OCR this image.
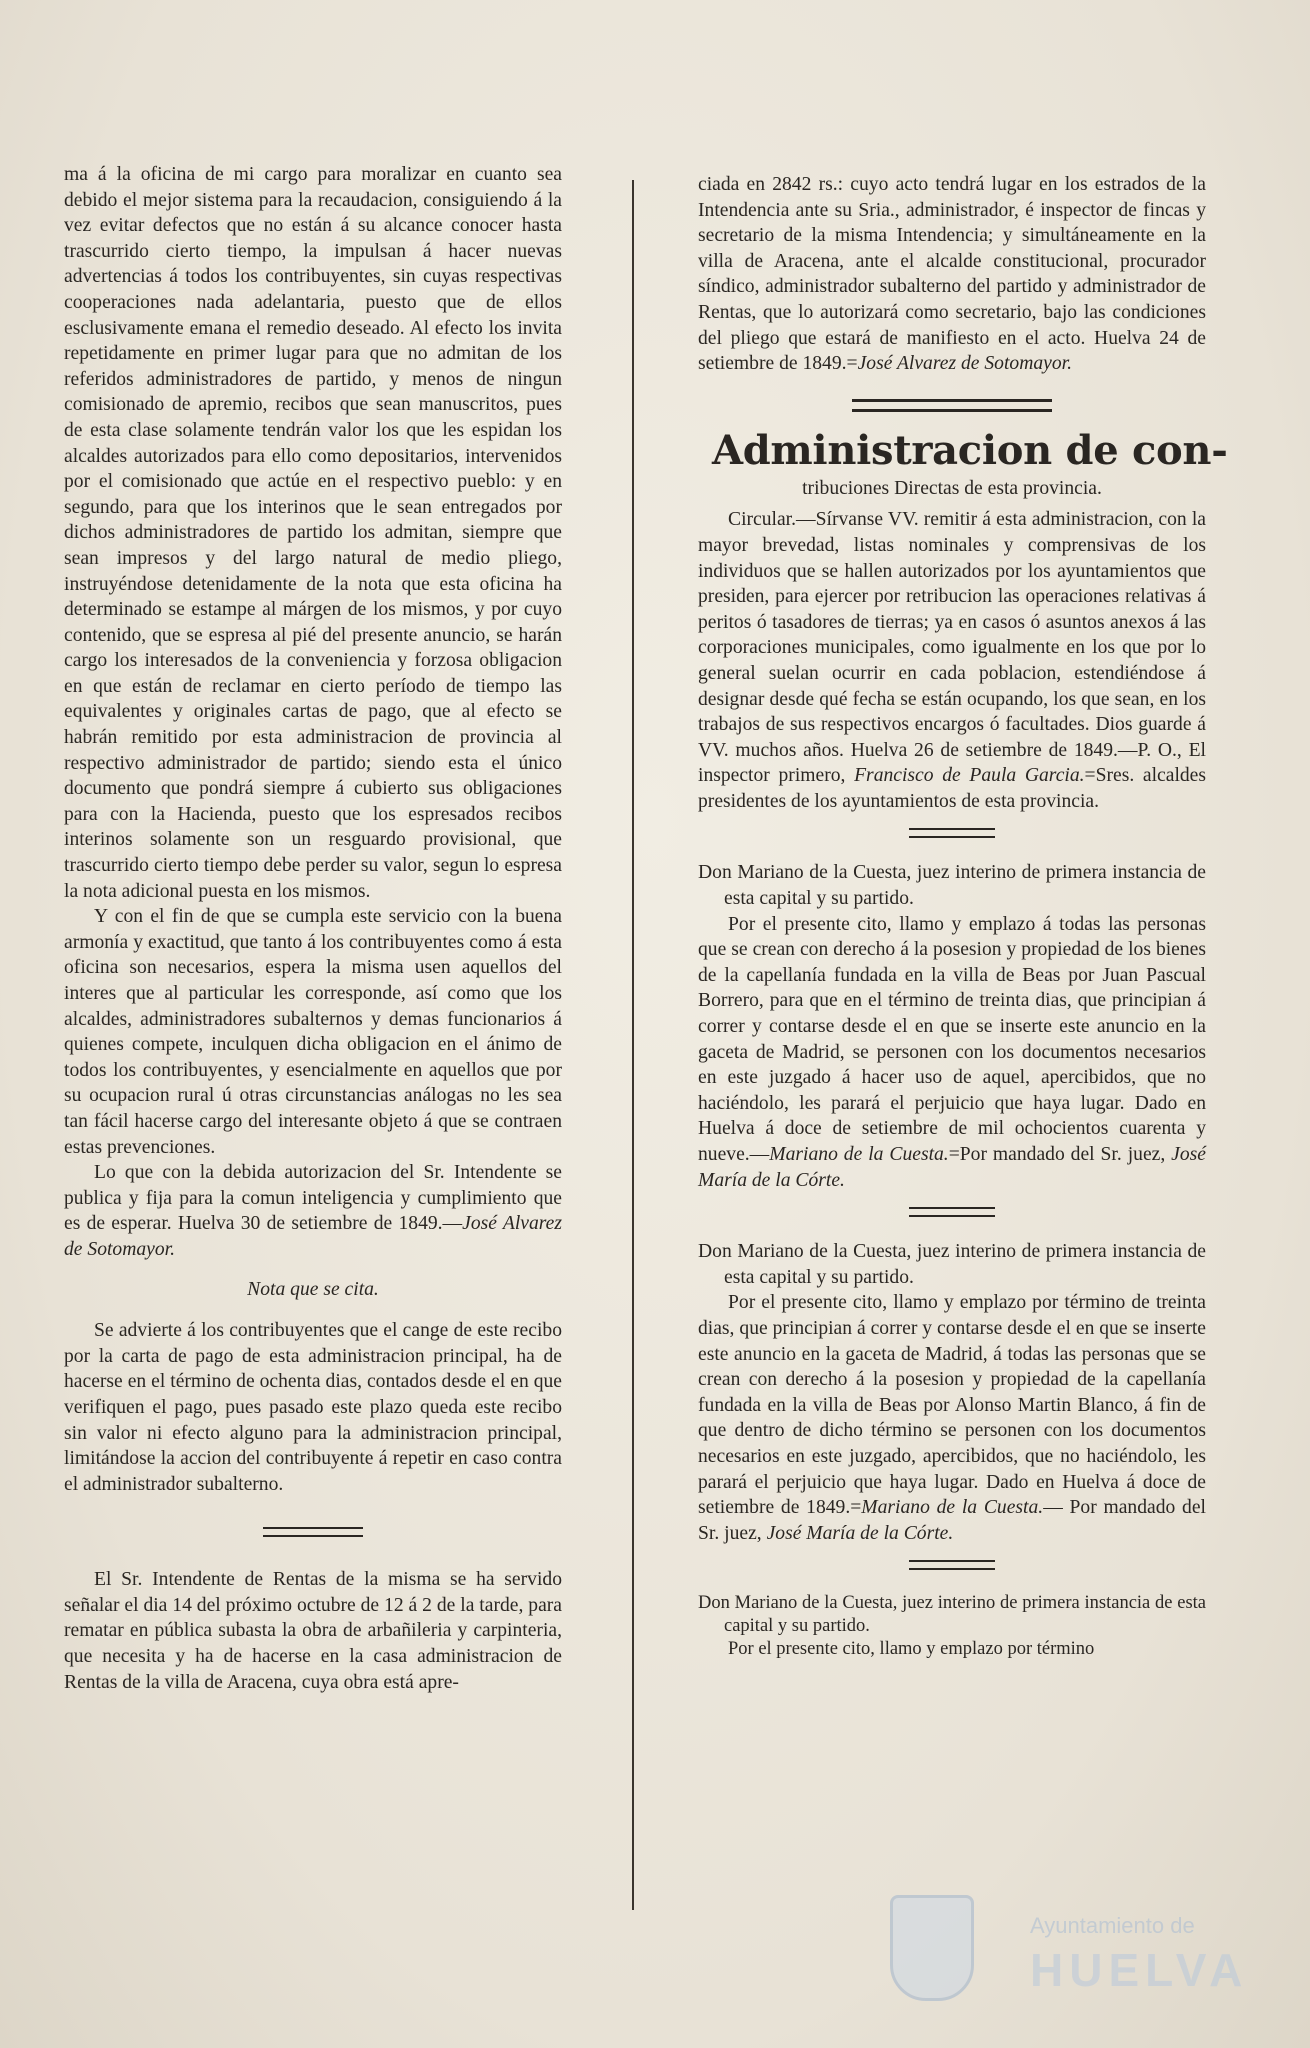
ma á la oficina de mi cargo para moralizar en cuanto sea debido el mejor sistema para la recaudacion, consiguiendo á la vez evitar defectos que no están á su alcance conocer hasta trascurrido cierto tiempo, la impulsan á hacer nuevas advertencias á todos los contribuyentes, sin cuyas respectivas cooperaciones nada adelantaria, puesto que de ellos esclusivamente emana el remedio deseado. Al efecto los invita repetidamente en primer lugar para que no admitan de los referidos administradores de partido, y menos de ningun comisionado de apremio, recibos que sean manuscritos, pues de esta clase solamente tendrán valor los que les espidan los alcaldes autorizados para ello como depositarios, intervenidos por el comisionado que actúe en el respectivo pueblo: y en segundo, para que los interinos que le sean entregados por dichos administradores de partido los admitan, siempre que sean impresos y del largo natural de medio pliego, instruyéndose detenidamente de la nota que esta oficina ha determinado se estampe al márgen de los mismos, y por cuyo contenido, que se espresa al pié del presente anuncio, se harán cargo los interesados de la conveniencia y forzosa obligacion en que están de reclamar en cierto período de tiempo las equivalentes y originales cartas de pago, que al efecto se habrán remitido por esta administracion de provincia al respectivo administrador de partido; siendo esta el único documento que pondrá siempre á cubierto sus obligaciones para con la Hacienda, puesto que los espresados recibos interinos solamente son un resguardo provisional, que trascurrido cierto tiempo debe perder su valor, segun lo espresa la nota adicional puesta en los mismos.

Y con el fin de que se cumpla este servicio con la buena armonía y exactitud, que tanto á los contribuyentes como á esta oficina son necesarios, espera la misma usen aquellos del interes que al particular les corresponde, así como que los alcaldes, administradores subalternos y demas funcionarios á quienes compete, inculquen dicha obligacion en el ánimo de todos los contribuyentes, y esencialmente en aquellos que por su ocupacion rural ú otras circunstancias análogas no les sea tan fácil hacerse cargo del interesante objeto á que se contraen estas prevenciones.

Lo que con la debida autorizacion del Sr. Intendente se publica y fija para la comun inteligencia y cumplimiento que es de esperar. Huelva 30 de setiembre de 1849.—José Alvarez de Sotomayor.

Nota que se cita.

Se advierte á los contribuyentes que el cange de este recibo por la carta de pago de esta administracion principal, ha de hacerse en el término de ochenta dias, contados desde el en que verifiquen el pago, pues pasado este plazo queda este recibo sin valor ni efecto alguno para la administracion principal, limitándose la accion del contribuyente á repetir en caso contra el administrador subalterno.

El Sr. Intendente de Rentas de la misma se ha servido señalar el dia 14 del próximo octubre de 12 á 2 de la tarde, para rematar en pública subasta la obra de arbañileria y carpinteria, que necesita y ha de hacerse en la casa administracion de Rentas de la villa de Aracena, cuya obra está apre-

ciada en 2842 rs.: cuyo acto tendrá lugar en los estrados de la Intendencia ante su Sria., administrador, é inspector de fincas y secretario de la misma Intendencia; y simultáneamente en la villa de Aracena, ante el alcalde constitucional, procurador síndico, administrador subalterno del partido y administrador de Rentas, que lo autorizará como secretario, bajo las condiciones del pliego que estará de manifiesto en el acto. Huelva 24 de setiembre de 1849.=José Alvarez de Sotomayor.

Administracion de con-

tribuciones Directas de esta provincia.

Circular.—Sírvanse VV. remitir á esta administracion, con la mayor brevedad, listas nominales y comprensivas de los individuos que se hallen autorizados por los ayuntamientos que presiden, para ejercer por retribucion las operaciones relativas á peritos ó tasadores de tierras; ya en casos ó asuntos anexos á las corporaciones municipales, como igualmente en los que por lo general suelan ocurrir en cada poblacion, estendiéndose á designar desde qué fecha se están ocupando, los que sean, en los trabajos de sus respectivos encargos ó facultades. Dios guarde á VV. muchos años. Huelva 26 de setiembre de 1849.—P. O., El inspector primero, Francisco de Paula Garcia.=Sres. alcaldes presidentes de los ayuntamientos de esta provincia.

Don Mariano de la Cuesta, juez interino de primera instancia de esta capital y su partido.

Por el presente cito, llamo y emplazo á todas las personas que se crean con derecho á la posesion y propiedad de los bienes de la capellanía fundada en la villa de Beas por Juan Pascual Borrero, para que en el término de treinta dias, que principian á correr y contarse desde el en que se inserte este anuncio en la gaceta de Madrid, se personen con los documentos necesarios en este juzgado á hacer uso de aquel, apercibidos, que no haciéndolo, les parará el perjuicio que haya lugar. Dado en Huelva á doce de setiembre de mil ochocientos cuarenta y nueve.—Mariano de la Cuesta.=Por mandado del Sr. juez, José María de la Córte.

Don Mariano de la Cuesta, juez interino de primera instancia de esta capital y su partido.

Por el presente cito, llamo y emplazo por término de treinta dias, que principian á correr y contarse desde el en que se inserte este anuncio en la gaceta de Madrid, á todas las personas que se crean con derecho á la posesion y propiedad de la capellanía fundada en la villa de Beas por Alonso Martin Blanco, á fin de que dentro de dicho término se personen con los documentos necesarios en este juzgado, apercibidos, que no haciéndolo, les parará el perjuicio que haya lugar. Dado en Huelva á doce de setiembre de 1849.=Mariano de la Cuesta.— Por mandado del Sr. juez, José María de la Córte.

Don Mariano de la Cuesta, juez interino de primera instancia de esta capital y su partido.

Por el presente cito, llamo y emplazo por término

Ayuntamiento de
HUELVA
